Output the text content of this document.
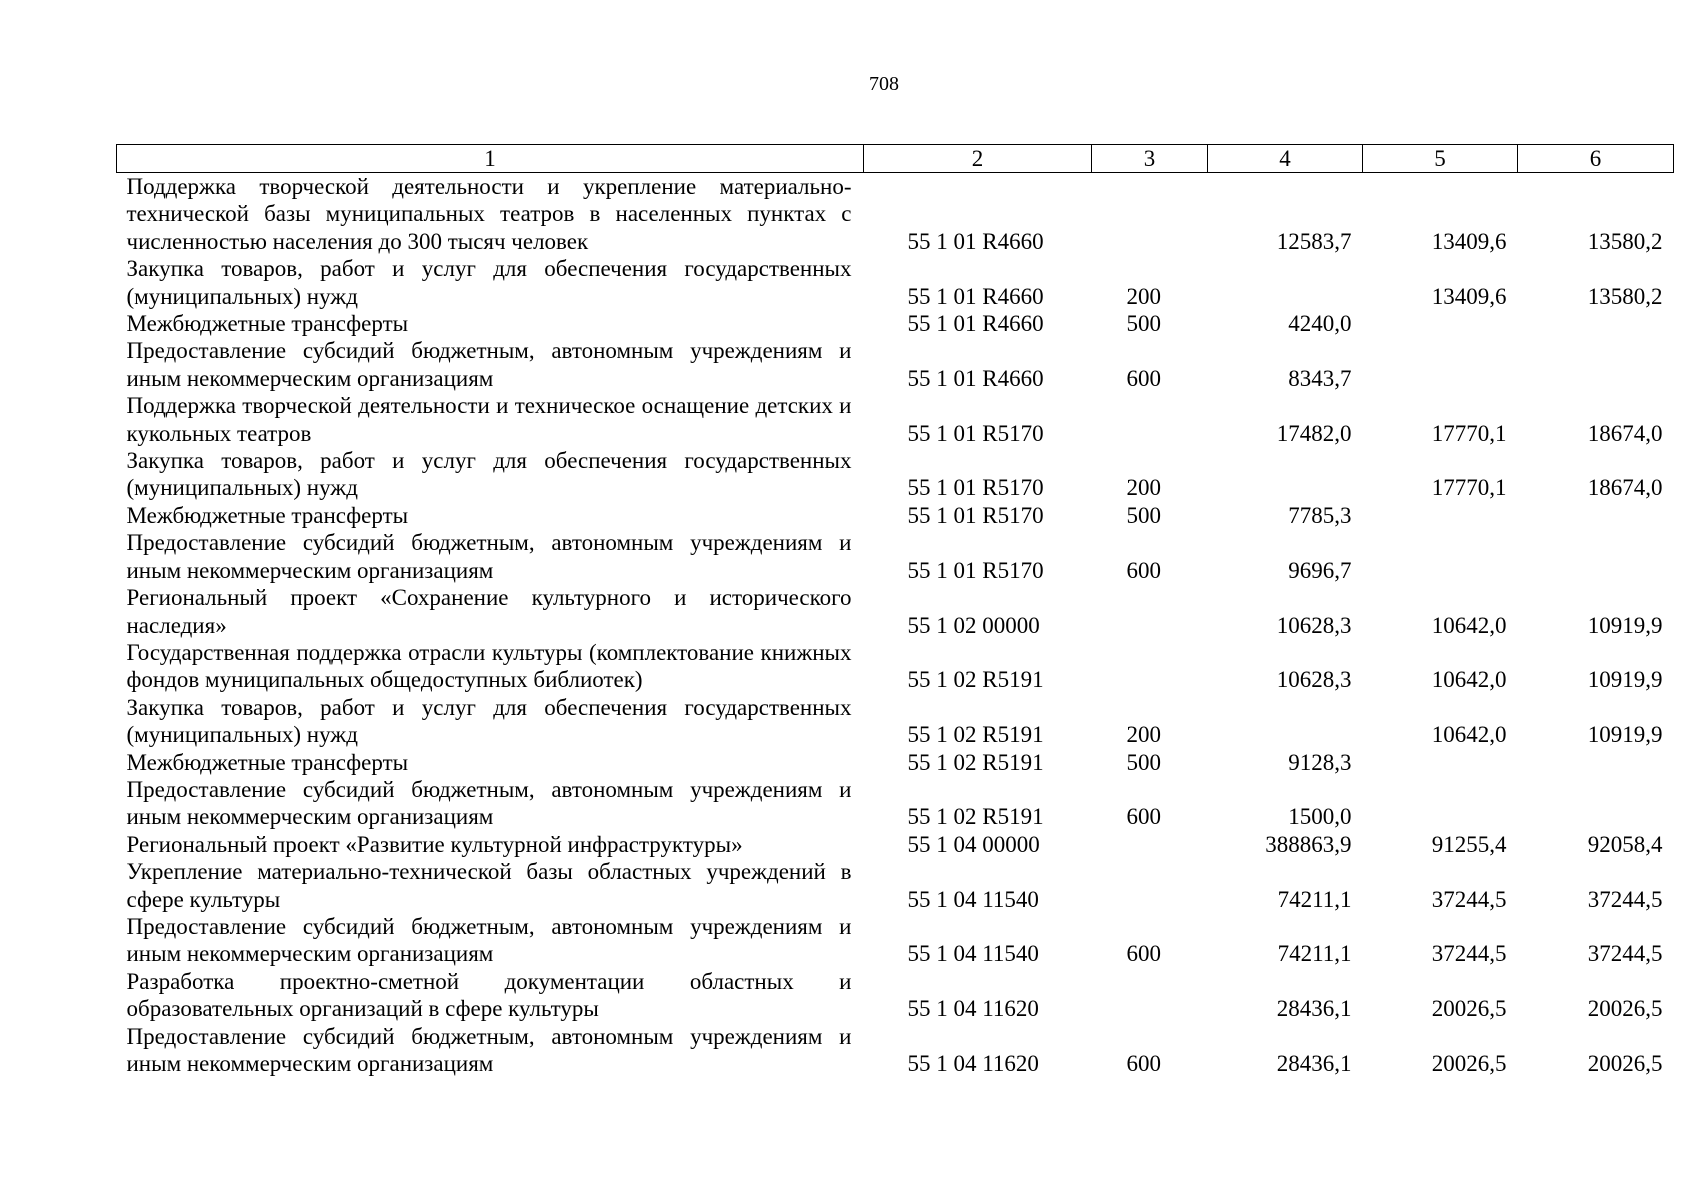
708
1	2	3	4	5	6
Поддержка творческой деятельности и укрепление материально-технической базы муниципальных театров в населенных пунктах с численностью населения до 300 тысяч человек	55 1 01 R4660		12583,7	13409,6	13580,2
Закупка товаров, работ и услуг для обеспечения государственных (муниципальных) нужд	55 1 01 R4660	200		13409,6	13580,2
Межбюджетные трансферты	55 1 01 R4660	500	4240,0		
Предоставление субсидий бюджетным, автономным учреждениям и иным некоммерческим организациям	55 1 01 R4660	600	8343,7		
Поддержка творческой деятельности и техническое оснащение детских и кукольных театров	55 1 01 R5170		17482,0	17770,1	18674,0
Закупка товаров, работ и услуг для обеспечения государственных (муниципальных) нужд	55 1 01 R5170	200		17770,1	18674,0
Межбюджетные трансферты	55 1 01 R5170	500	7785,3		
Предоставление субсидий бюджетным, автономным учреждениям и иным некоммерческим организациям	55 1 01 R5170	600	9696,7		
Региональный проект «Сохранение культурного и исторического наследия»	55 1 02 00000		10628,3	10642,0	10919,9
Государственная поддержка отрасли культуры (комплектование книжных фондов муниципальных общедоступных библиотек)	55 1 02 R5191		10628,3	10642,0	10919,9
Закупка товаров, работ и услуг для обеспечения государственных (муниципальных) нужд	55 1 02 R5191	200		10642,0	10919,9
Межбюджетные трансферты	55 1 02 R5191	500	9128,3		
Предоставление субсидий бюджетным, автономным учреждениям и иным некоммерческим организациям	55 1 02 R5191	600	1500,0		
Региональный проект «Развитие культурной инфраструктуры»	55 1 04 00000		388863,9	91255,4	92058,4
Укрепление материально-технической базы областных учреждений в сфере культуры	55 1 04 11540		74211,1	37244,5	37244,5
Предоставление субсидий бюджетным, автономным учреждениям и иным некоммерческим организациям	55 1 04 11540	600	74211,1	37244,5	37244,5
Разработка проектно-сметной документации областных и образовательных организаций в сфере культуры	55 1 04 11620		28436,1	20026,5	20026,5
Предоставление субсидий бюджетным, автономным учреждениям и иным некоммерческим организациям	55 1 04 11620	600	28436,1	20026,5	20026,5
